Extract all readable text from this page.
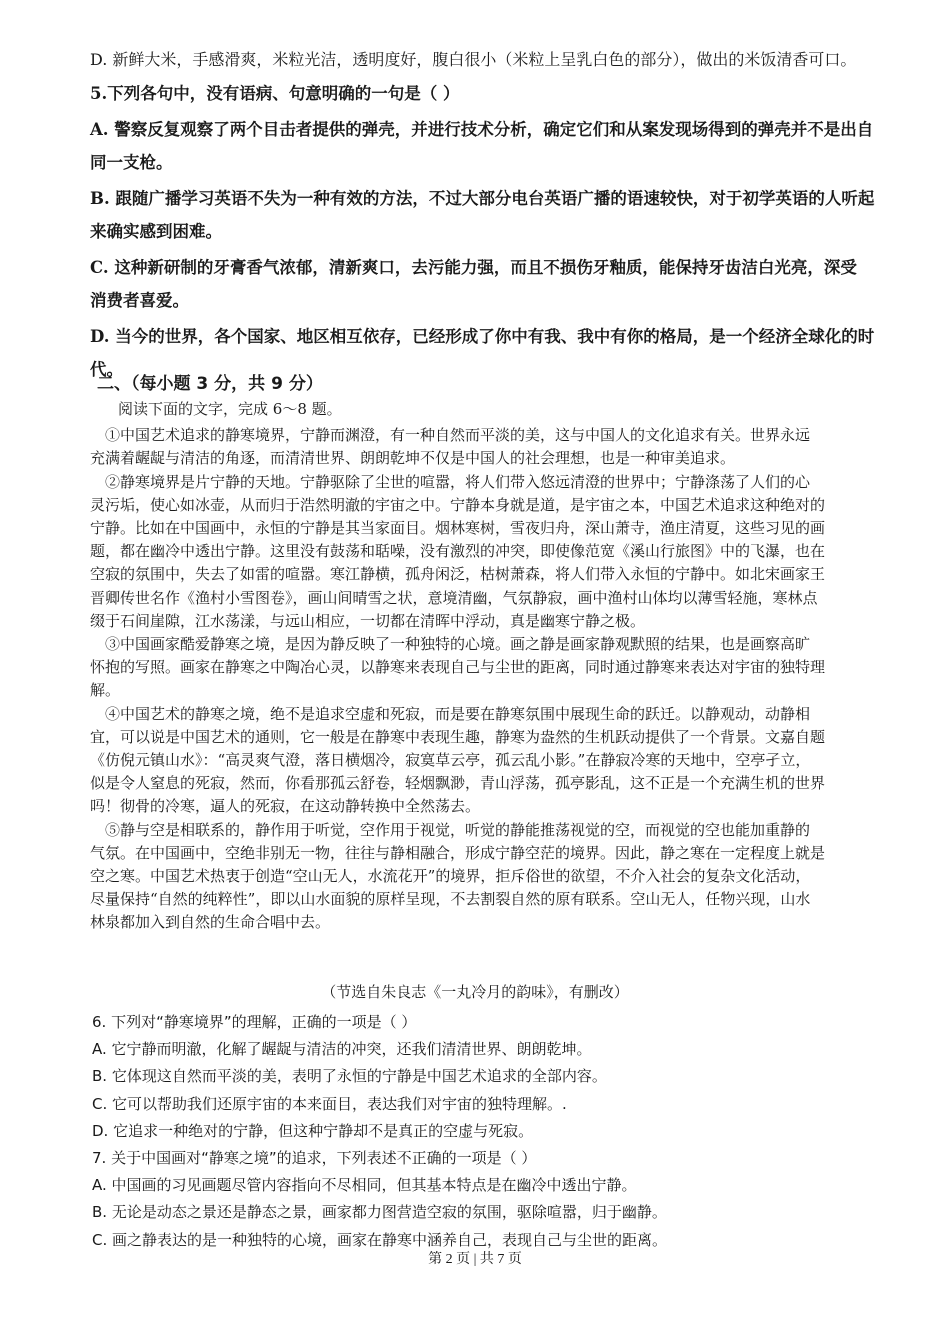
D. 新鲜大米，手感滑爽，米粒光洁，透明度好，腹白很小（米粒上呈乳白色的部分），做出的米饭清香可口。

5.下列各句中，没有语病、句意明确的一句是（ ）

A. 警察反复观察了两个目击者提供的弹壳，并进行技术分析，确定它们和从案发现场得到的弹壳并不是出自

同一支枪。

B. 跟随广播学习英语不失为一种有效的方法，不过大部分电台英语广播的语速较快，对于初学英语的人听起

来确实感到困难。

C. 这种新研制的牙膏香气浓郁，清新爽口，去污能力强，而且不损伤牙釉质，能保持牙齿洁白光亮，深受

消费者喜爱。

D. 当今的世界，各个国家、地区相互依存，已经形成了你中有我、我中有你的格局，是一个经济全球化的时

代。

二、（每小题 3 分，共 9 分）

阅读下面的文字，完成 6～8 题。

　①中国艺术追求的静寒境界，宁静而渊澄，有一种自然而平淡的美，这与中国人的文化追求有关。世界永远

充满着龌龊与清洁的角逐，而清清世界、朗朗乾坤不仅是中国人的社会理想，也是一种审美追求。

　②静寒境界是片宁静的天地。宁静驱除了尘世的喧嚣，将人们带入悠远清澄的世界中；宁静涤荡了人们的心

灵污垢，使心如冰壶，从而归于浩然明澈的宇宙之中。宁静本身就是道，是宇宙之本，中国艺术追求这种绝对的

宁静。比如在中国画中，永恒的宁静是其当家面目。烟林寒树，雪夜归舟，深山萧寺，渔庄清夏，这些习见的画

题，都在幽冷中透出宁静。这里没有鼓荡和聒噪，没有激烈的冲突，即使像范宽《溪山行旅图》中的飞瀑，也在

空寂的氛围中，失去了如雷的喧嚣。寒江静横，孤舟闲泛，枯树萧森，将人们带入永恒的宁静中。如北宋画家王

晋卿传世名作《渔村小雪图卷》，画山间晴雪之状，意境清幽，气氛静寂，画中渔村山体均以薄雪轻施，寒林点

缀于石间崖隙，江水荡漾，与远山相应，一切都在清晖中浮动，真是幽寒宁静之极。

　③中国画家酷爱静寒之境，是因为静反映了一种独特的心境。画之静是画家静观默照的结果，也是画察高旷

怀抱的写照。画家在静寒之中陶冶心灵，以静寒来表现自己与尘世的距离，同时通过静寒来表达对宇宙的独特理

解。

　④中国艺术的静寒之境，绝不是追求空虚和死寂，而是要在静寒氛围中展现生命的跃迁。以静观动，动静相

宜，可以说是中国艺术的通则，它一般是在静寒中表现生趣，静寒为盎然的生机跃动提供了一个背景。文嘉自题

《仿倪元镇山水》：“高灵爽气澄，落日横烟冷，寂寞草云亭，孤云乱小影。”在静寂冷寒的天地中，空亭孑立，

似是令人窒息的死寂，然而，你看那孤云舒卷，轻烟飘渺，青山浮荡，孤亭影乱，这不正是一个充满生机的世界

吗！彻骨的冷寒，逼人的死寂，在这动静转换中全然荡去。

　⑤静与空是相联系的，静作用于听觉，空作用于视觉，听觉的静能推荡视觉的空，而视觉的空也能加重静的

气氛。在中国画中，空绝非别无一物，往往与静相融合，形成宁静空茫的境界。因此，静之寒在一定程度上就是

空之寒。中国艺术热衷于创造“空山无人，水流花开”的境界，拒斥俗世的欲望，不介入社会的复杂文化活动，

尽量保持“自然的纯粹性”，即以山水面貌的原样呈现，不去割裂自然的原有联系。空山无人，任物兴现，山水

林泉都加入到自然的生命合唱中去。

（节选自朱良志《一丸冷月的韵味》，有删改）

6. 下列对“静寒境界”的理解，正确的一项是（ ）

A. 它宁静而明澈，化解了龌龊与清洁的冲突，还我们清清世界、朗朗乾坤。

B. 它体现这自然而平淡的美，表明了永恒的宁静是中国艺术追求的全部内容。

C. 它可以帮助我们还原宇宙的本来面目，表达我们对宇宙的独特理解。.

D. 它追求一种绝对的宁静，但这种宁静却不是真正的空虚与死寂。

7. 关于中国画对“静寒之境”的追求，下列表述不正确的一项是（ ）

A. 中国画的习见画题尽管内容指向不尽相同，但其基本特点是在幽冷中透出宁静。

B. 无论是动态之景还是静态之景，画家都力图营造空寂的氛围，驱除喧嚣，归于幽静。

C. 画之静表达的是一种独特的心境，画家在静寒中涵养自己，表现自己与尘世的距离。

第 2 页 | 共 7 页
